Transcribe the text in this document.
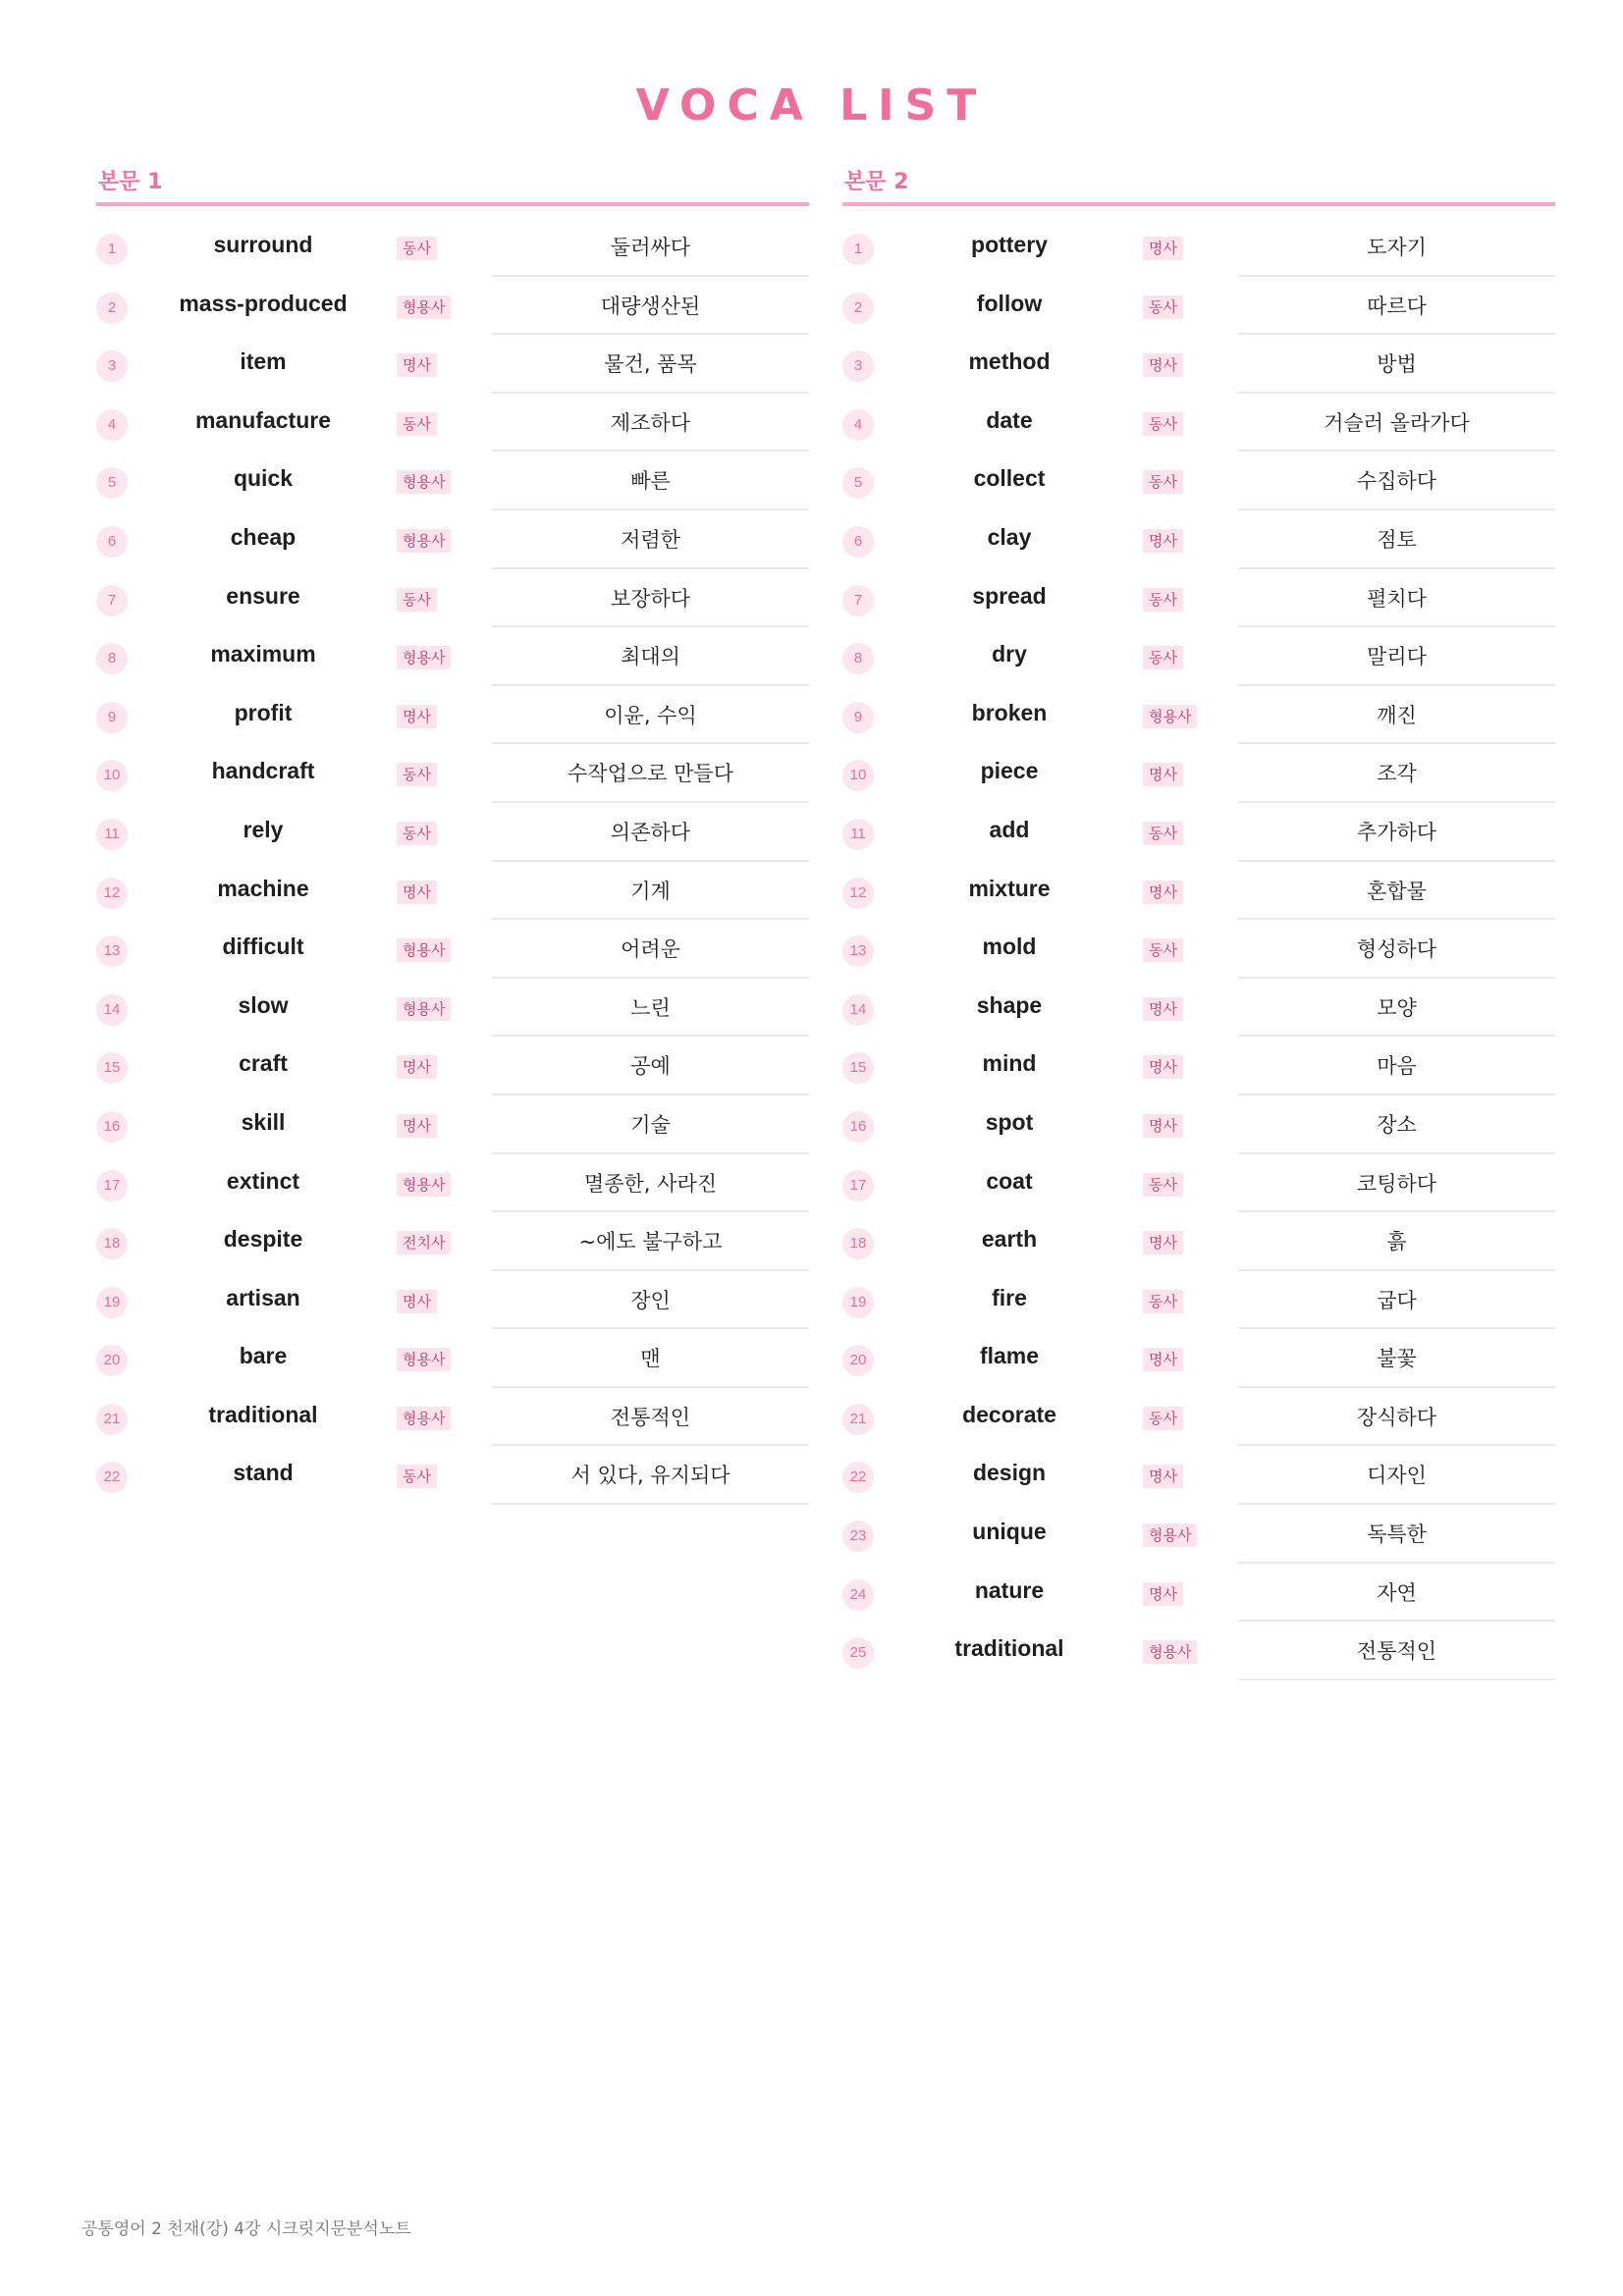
VOCA LIST
본문 1
1	surround	동사	둘러싸다
2	mass-produced	형용사	대량생산된
3	item	명사	물건, 품목
4	manufacture	동사	제조하다
5	quick	형용사	빠른
6	cheap	형용사	저렴한
7	ensure	동사	보장하다
8	maximum	형용사	최대의
9	profit	명사	이윤, 수익
10	handcraft	동사	수작업으로 만들다
11	rely	동사	의존하다
12	machine	명사	기계
13	difficult	형용사	어려운
14	slow	형용사	느린
15	craft	명사	공예
16	skill	명사	기술
17	extinct	형용사	멸종한, 사라진
18	despite	전치사	~에도 불구하고
19	artisan	명사	장인
20	bare	형용사	맨
21	traditional	형용사	전통적인
22	stand	동사	서 있다, 유지되다
본문 2
1	pottery	명사	도자기
2	follow	동사	따르다
3	method	명사	방법
4	date	동사	거슬러 올라가다
5	collect	동사	수집하다
6	clay	명사	점토
7	spread	동사	펼치다
8	dry	동사	말리다
9	broken	형용사	깨진
10	piece	명사	조각
11	add	동사	추가하다
12	mixture	명사	혼합물
13	mold	동사	형성하다
14	shape	명사	모양
15	mind	명사	마음
16	spot	명사	장소
17	coat	동사	코팅하다
18	earth	명사	흙
19	fire	동사	굽다
20	flame	명사	불꽃
21	decorate	동사	장식하다
22	design	명사	디자인
23	unique	형용사	독특한
24	nature	명사	자연
25	traditional	형용사	전통적인
공통영어 2 천재(강) 4강 시크릿지문분석노트
